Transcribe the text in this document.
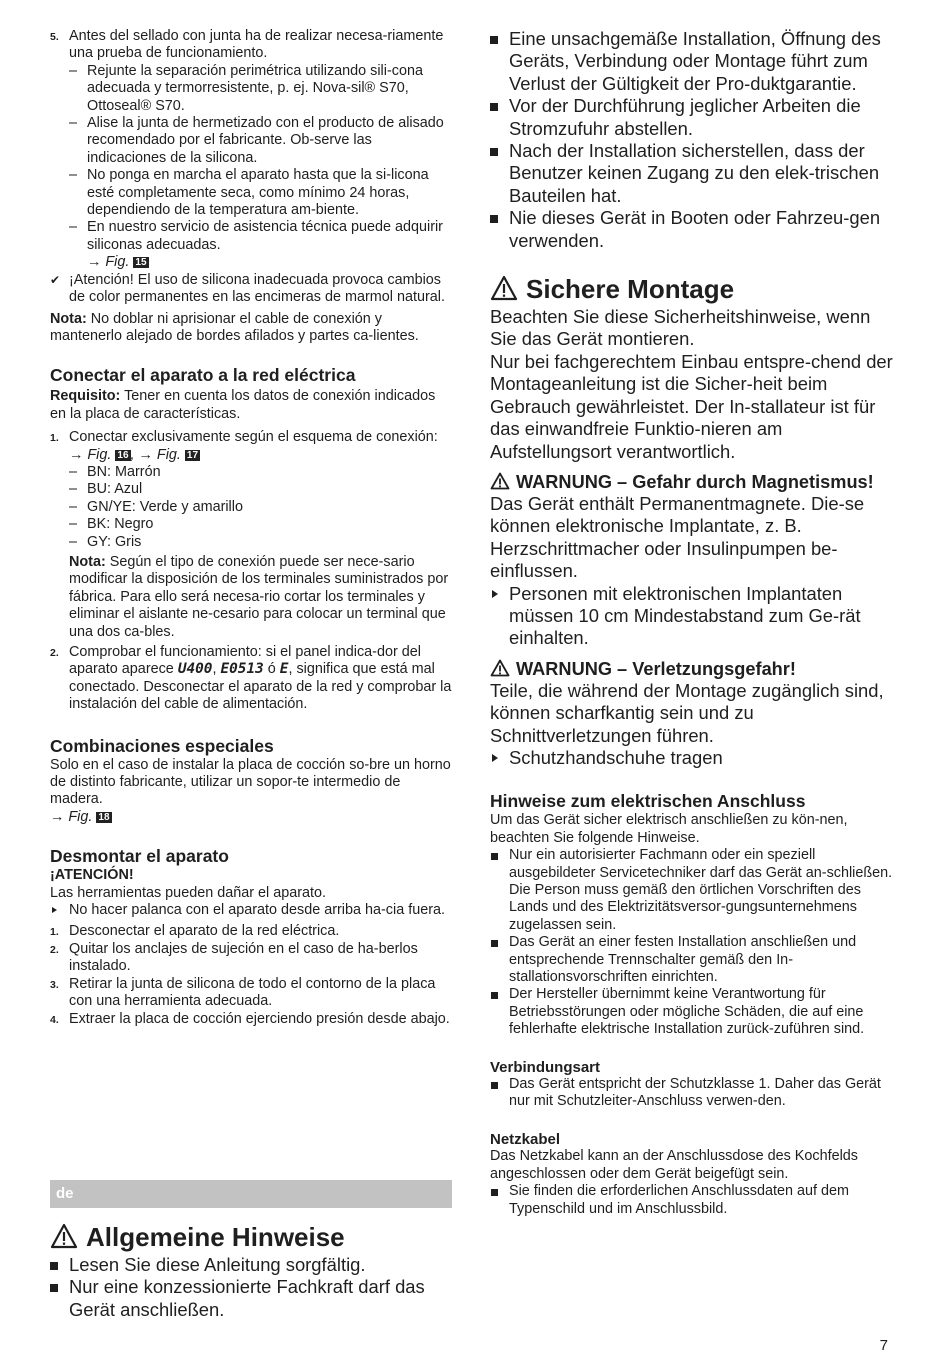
5. Antes del sellado con junta ha de realizar necesa-riamente una prueba de funcionamiento.

– Rejunte la separación perimétrica utilizando sili-cona adecuada y termorresistente, p. ej. Nova-sil® S70, Ottoseal® S70.

– Alise la junta de hermetizado con el producto de alisado recomendado por el fabricante. Ob-serve las indicaciones de la silicona.

– No ponga en marcha el aparato hasta que la si-licona esté completamente seca, como mínimo 24 horas, dependiendo de la temperatura am-biente.

– En nuestro servicio de asistencia técnica puede adquirir siliconas adecuadas.

→ Fig. 15

✔ ¡Atención! El uso de silicona inadecuada provoca cambios de color permanentes en las encimeras de marmol natural.

Nota: No doblar ni aprisionar el cable de conexión y mantenerlo alejado de bordes afilados y partes ca-lientes.

Conectar el aparato a la red eléctrica

Requisito: Tener en cuenta los datos de conexión indicados en la placa de características.

1. Conectar exclusivamente según el esquema de conexión:

→ Fig. 16 , → Fig. 17

– BN: Marrón

– BU: Azul

– GN/YE: Verde y amarillo

– BK: Negro

– GY: Gris

Nota: Según el tipo de conexión puede ser nece-sario modificar la disposición de los terminales suministrados por fábrica. Para ello será necesa-rio cortar los terminales y eliminar el aislante ne-cesario para colocar un terminal que una dos ca-bles.

2. Comprobar el funcionamiento: si el panel indica-dor del aparato aparece U400, E0513 ó E, significa que está mal conectado. Desconectar el aparato de la red y comprobar la instalación del cable de alimentación.

Combinaciones especiales

Solo en el caso de instalar la placa de cocción so-bre un horno de distinto fabricante, utilizar un sopor-te intermedio de madera.

→ Fig. 18

Desmontar el aparato

¡ATENCIÓN!

Las herramientas pueden dañar el aparato.

No hacer palanca con el aparato desde arriba ha-cia fuera.

1. Desconectar el aparato de la red eléctrica.

2. Quitar los anclajes de sujeción en el caso de ha-berlos instalado.

3. Retirar la junta de silicona de todo el contorno de la placa con una herramienta adecuada.

4. Extraer la placa de cocción ejerciendo presión desde abajo.

de

Allgemeine Hinweise

Lesen Sie diese Anleitung sorgfältig.

Nur eine konzessionierte Fachkraft darf das Gerät anschließen.

Eine unsachgemäße Installation, Öffnung des Geräts, Verbindung oder Montage führt zum Verlust der Gültigkeit der Pro-duktgarantie.

Vor der Durchführung jeglicher Arbeiten die Stromzufuhr abstellen.

Nach der Installation sicherstellen, dass der Benutzer keinen Zugang zu den elek-trischen Bauteilen hat.

Nie dieses Gerät in Booten oder Fahrzeu-gen verwenden.

Sichere Montage

Beachten Sie diese Sicherheitshinweise, wenn Sie das Gerät montieren.

Nur bei fachgerechtem Einbau entspre-chend der Montageanleitung ist die Sicher-heit beim Gebrauch gewährleistet. Der In-stallateur ist für das einwandfreie Funktio-nieren am Aufstellungsort verantwortlich.

WARNUNG – Gefahr durch Magnetismus!

Das Gerät enthält Permanentmagnete. Die-se können elektronische Implantate, z. B. Herzschrittmacher oder Insulinpumpen be-einflussen.

Personen mit elektronischen Implantaten müssen 10 cm Mindestabstand zum Ge-rät einhalten.

WARNUNG – Verletzungsgefahr!

Teile, die während der Montage zugänglich sind, können scharfkantig sein und zu Schnittverletzungen führen.

Schutzhandschuhe tragen

Hinweise zum elektrischen Anschluss

Um das Gerät sicher elektrisch anschließen zu kön-nen, beachten Sie folgende Hinweise.

Nur ein autorisierter Fachmann oder ein speziell ausgebildeter Servicetechniker darf das Gerät an-schließen. Die Person muss gemäß den örtlichen Vorschriften des Lands und des Elektrizitätsversor-gungsunternehmens zugelassen sein.

Das Gerät an einer festen Installation anschließen und entsprechende Trennschalter gemäß den In-stallationsvorschriften einrichten.

Der Hersteller übernimmt keine Verantwortung für Betriebsstörungen oder mögliche Schäden, die auf eine fehlerhafte elektrische Installation zurück-zuführen sind.

Verbindungsart

Das Gerät entspricht der Schutzklasse 1. Daher das Gerät nur mit Schutzleiter-Anschluss verwen-den.

Netzkabel

Das Netzkabel kann an der Anschlussdose des Kochfelds angeschlossen oder dem Gerät beigefügt sein.

Sie finden die erforderlichen Anschlussdaten auf dem Typenschild und im Anschlussbild.

7
